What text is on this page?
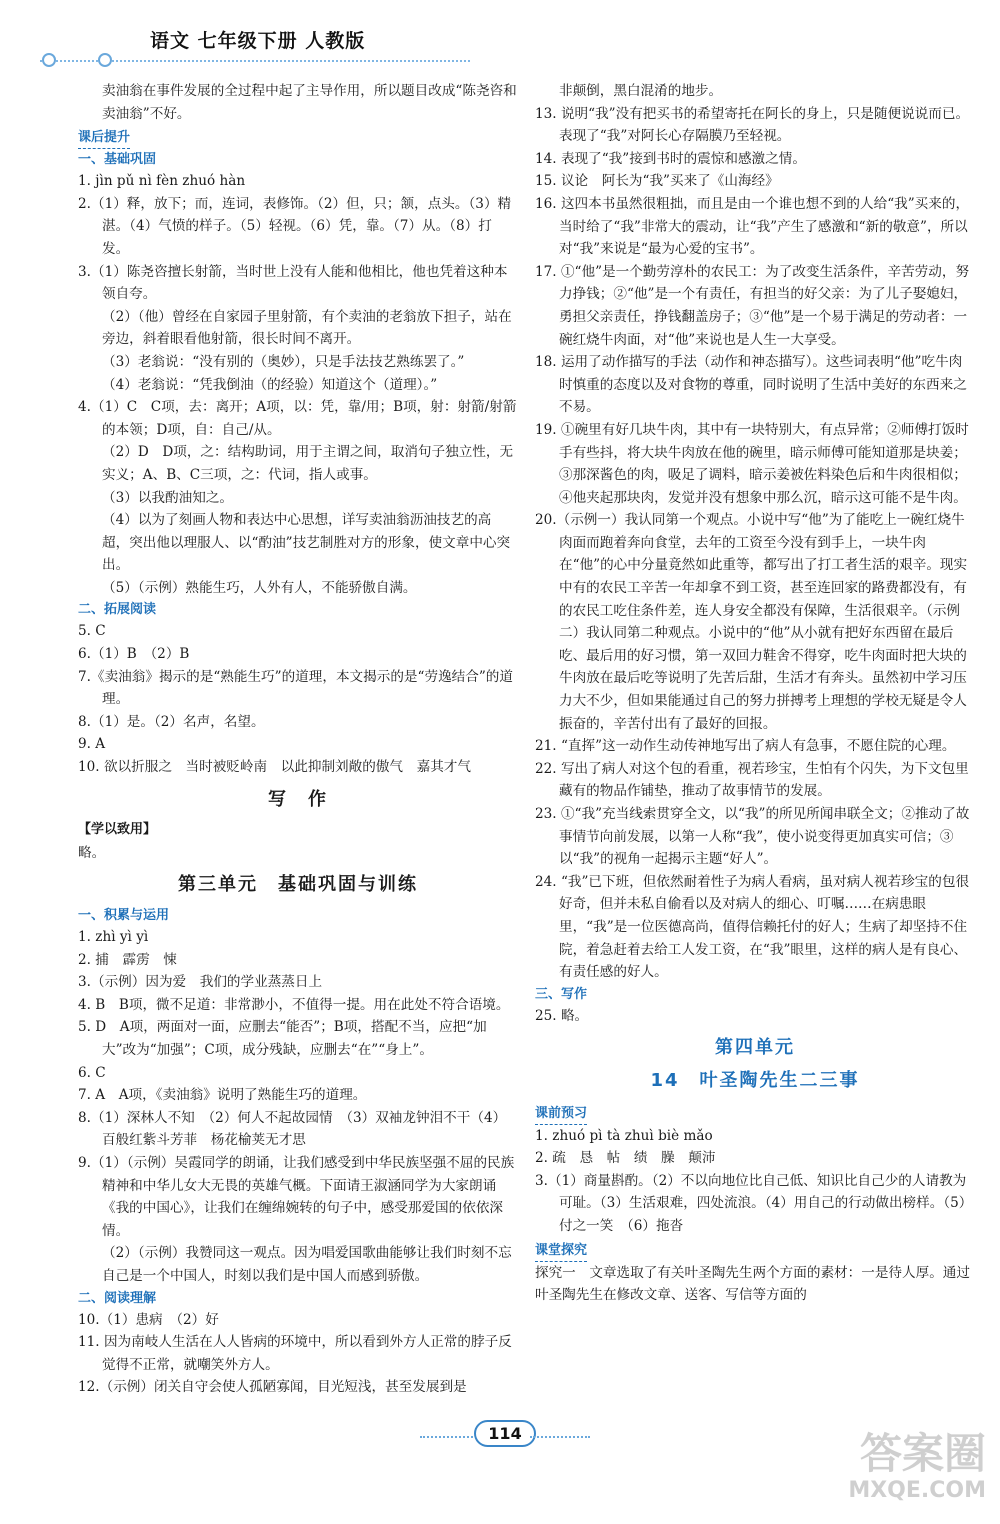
语文 七年级下册 人教版
卖油翁在事件发展的全过程中起了主导作用，所以题目改成“陈尧咨和卖油翁”不好。
课后提升
一、基础巩固
1. jìn pǔ nì fèn zhuó hàn
2.（1）释，放下；而，连词，表修饰。（2）但，只；颔，点头。（3）精湛。（4）气愤的样子。（5）轻视。（6）凭，靠。（7）从。（8）打发。
3.（1）陈尧咨擅长射箭，当时世上没有人能和他相比，他也凭着这种本领自夸。
（2）（他）曾经在自家园子里射箭，有个卖油的老翁放下担子，站在旁边，斜着眼看他射箭，很长时间不离开。
（3）老翁说：“没有别的（奥妙），只是手法技艺熟练罢了。”
（4）老翁说：“凭我倒油（的经验）知道这个（道理）。”
4.（1）C　C项，去：离开；A项，以：凭，靠/用；B项，射：射箭/射箭的本领；D项，自：自己/从。
（2）D　D项，之：结构助词，用于主谓之间，取消句子独立性，无实义；A、B、C三项，之：代词，指人或事。
（3）以我酌油知之。
（4）以为了刻画人物和表达中心思想，详写卖油翁沥油技艺的高超，突出他以理服人、以“酌油”技艺制胜对方的形象，使文章中心突出。
（5）（示例）熟能生巧，人外有人，不能骄傲自满。
二、拓展阅读
5. C
6.（1）B　（2）B
7.《卖油翁》揭示的是“熟能生巧”的道理，本文揭示的是“劳逸结合”的道理。
8.（1）是。（2）名声，名望。
9. A
10. 欲以折服之　当时被贬岭南　以此抑制刘敞的傲气　嘉其才气
写　作
【学以致用】
略。
第三单元　基础巩固与训练
一、积累与运用
1. zhì yì yì
2. 捕　霹雳　悚
3.（示例）因为爱　我们的学业蒸蒸日上
4. B　B项，微不足道：非常渺小，不值得一提。用在此处不符合语境。
5. D　A项，两面对一面，应删去“能否”；B项，搭配不当，应把“加大”改为“加强”；C项，成分残缺，应删去“在”“身上”。
6. C
7. A　A项，《卖油翁》说明了熟能生巧的道理。
8.（1）深林人不知　（2）何人不起故园情　（3）双袖龙钟泪不干（4）百般红紫斗芳菲　杨花榆荚无才思
9.（1）（示例）吴霞同学的朗诵，让我们感受到中华民族坚强不屈的民族精神和中华儿女大无畏的英雄气概。下面请王淑涵同学为大家朗诵《我的中国心》，让我们在缠绵婉转的句子中，感受那爱国的依依深情。
（2）（示例）我赞同这一观点。因为唱爱国歌曲能够让我们时刻不忘自己是一个中国人，时刻以我们是中国人而感到骄傲。
二、阅读理解
10.（1）患病　（2）好
11. 因为南岐人生活在人人皆病的环境中，所以看到外方人正常的脖子反觉得不正常，就嘲笑外方人。
12.（示例）闭关自守会使人孤陋寡闻，目光短浅，甚至发展到是
非颠倒，黑白混淆的地步。
13. 说明“我”没有把买书的希望寄托在阿长的身上，只是随便说说而已。表现了“我”对阿长心存隔膜乃至轻视。
14. 表现了“我”接到书时的震惊和感激之情。
15. 议论　阿长为“我”买来了《山海经》
16. 这四本书虽然很粗拙，而且是由一个谁也想不到的人给“我”买来的，当时给了“我”非常大的震动，让“我”产生了感激和“新的敬意”，所以对“我”来说是“最为心爱的宝书”。
17. ①“他”是一个勤劳淳朴的农民工：为了改变生活条件，辛苦劳动，努力挣钱；②“他”是一个有责任，有担当的好父亲：为了儿子娶媳妇，勇担父亲责任，挣钱翻盖房子；③“他”是一个易于满足的劳动者：一碗红烧牛肉面，对“他”来说也是人生一大享受。
18. 运用了动作描写的手法（动作和神态描写）。这些词表明“他”吃牛肉时慎重的态度以及对食物的尊重，同时说明了生活中美好的东西来之不易。
19. ①碗里有好几块牛肉，其中有一块特别大，有点异常；②师傅打饭时手有些抖，将大块牛肉放在他的碗里，暗示师傅可能知道那是块姜；③那深酱色的肉，吸足了调料，暗示姜被佐料染色后和牛肉很相似；④他夹起那块肉，发觉并没有想象中那么沉，暗示这可能不是牛肉。
20.（示例一）我认同第一个观点。小说中写“他”为了能吃上一碗红烧牛肉面而跑着奔向食堂，去年的工资至今没有到手上，一块牛肉在“他”的心中分量竟然如此重等，都写出了打工者生活的艰辛。现实中有的农民工辛苦一年却拿不到工资，甚至连回家的路费都没有，有的农民工吃住条件差，连人身安全都没有保障，生活很艰辛。（示例二）我认同第二种观点。小说中的“他”从小就有把好东西留在最后吃、最后用的好习惯，第一双回力鞋舍不得穿，吃牛肉面时把大块的牛肉放在最后吃等说明了先苦后甜，生活才有奔头。虽然初中学习压力大不少，但如果能通过自己的努力拼搏考上理想的学校无疑是令人振奋的，辛苦付出有了最好的回报。
21. “直挥”这一动作生动传神地写出了病人有急事，不愿住院的心理。
22. 写出了病人对这个包的看重，视若珍宝，生怕有个闪失，为下文包里藏有的物品作铺垫，推动了故事情节的发展。
23. ①“我”充当线索贯穿全文，以“我”的所见所闻串联全文；②推动了故事情节向前发展，以第一人称“我”，使小说变得更加真实可信；③以“我”的视角一起揭示主题“好人”。
24. “我”已下班，但依然耐着性子为病人看病，虽对病人视若珍宝的包很好奇，但并未私自偷看以及对病人的细心、叮嘱……在病患眼里，“我”是一位医德高尚，值得信赖托付的好人；生病了却坚持不住院，着急赶着去给工人发工资，在“我”眼里，这样的病人是有良心、有责任感的好人。
三、写作
25. 略。
第四单元
14　叶圣陶先生二三事
课前预习
1. zhuó pì tà zhuì biè mǎo
2. 疏　恳　帖　绩　臊　颠沛
3.（1）商量斟酌。（2）不以向地位比自己低、知识比自己少的人请教为可耻。（3）生活艰难，四处流浪。（4）用自己的行动做出榜样。（5）付之一笑　（6）拖沓
课堂探究
探究一　文章选取了有关叶圣陶先生两个方面的素材：一是待人厚。通过叶圣陶先生在修改文章、送客、写信等方面的
114	答案圈
MXQE.COM
